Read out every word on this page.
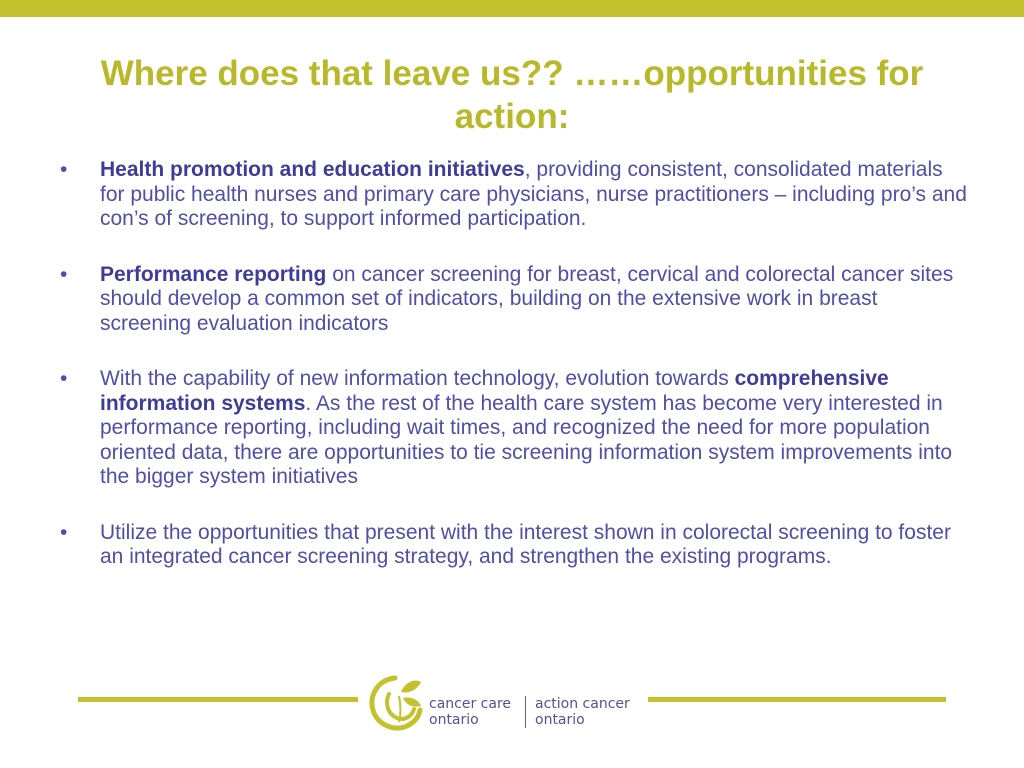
Where does that leave us?? ……opportunities for action:
• Health promotion and education initiatives, providing consistent, consolidated materials for public health nurses and primary care physicians, nurse practitioners – including pro’s and con’s of screening, to support informed participation.
• Performance reporting on cancer screening for breast, cervical and colorectal cancer sites should develop a common set of indicators, building on the extensive work in breast screening evaluation indicators
• With the capability of new information technology, evolution towards comprehensive information systems. As the rest of the health care system has become very interested in performance reporting, including wait times, and recognized the need for more population oriented data, there are opportunities to tie screening information system improvements into the bigger system initiatives
• Utilize the opportunities that present with the interest shown in colorectal screening to foster an integrated cancer screening strategy, and strengthen the existing programs.
cancer care
ontario
action cancer
ontario
